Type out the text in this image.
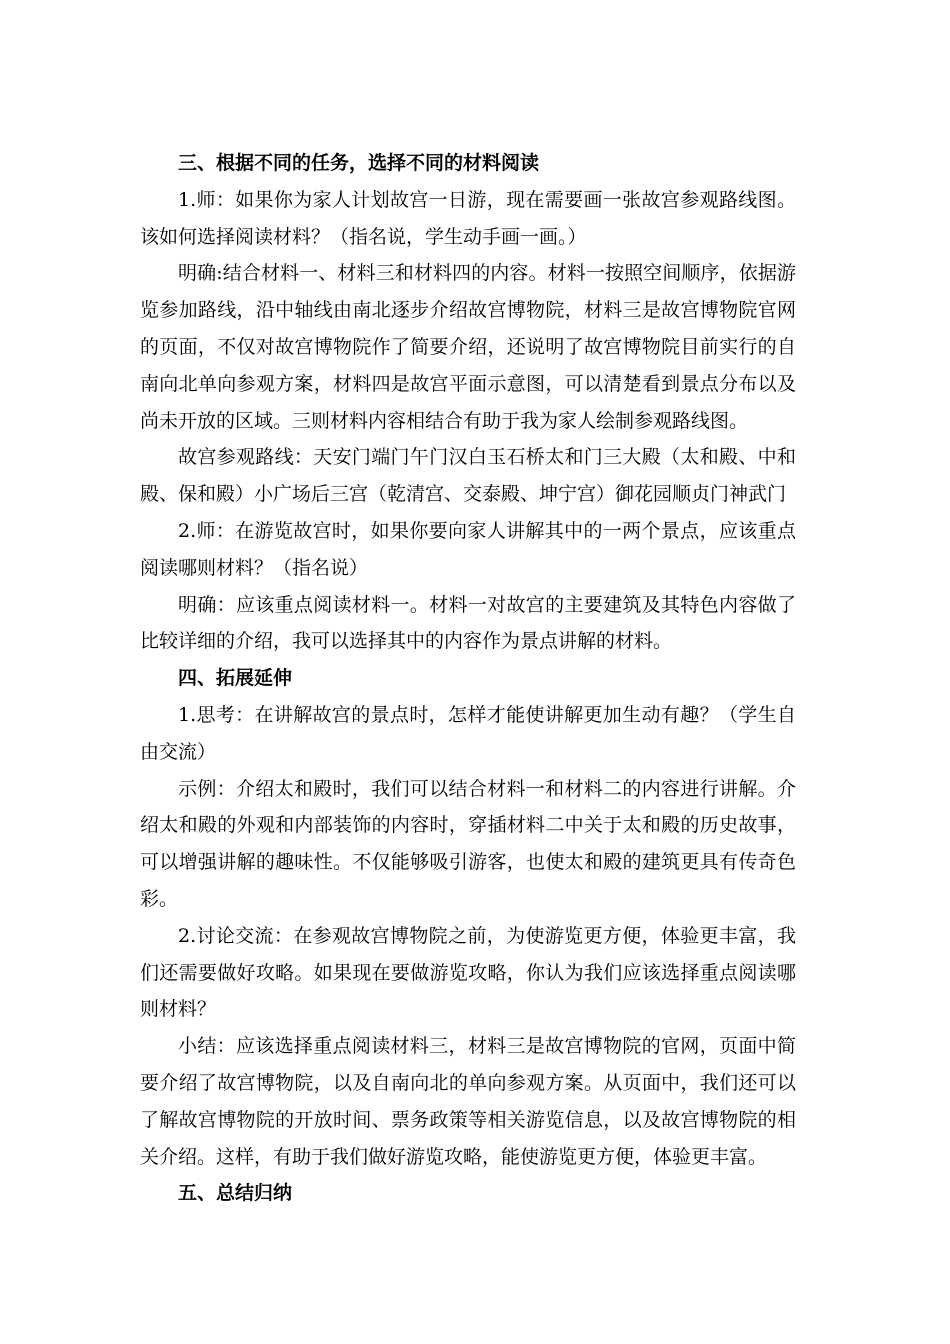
三、根据不同的任务，选择不同的材料阅读
1.师：如果你为家人计划故宫一日游，现在需要画一张故宫参观路线图。
该如何选择阅读材料？（指名说，学生动手画一画。）
明确:结合材料一、材料三和材料四的内容。材料一按照空间顺序，依据游
览参加路线，沿中轴线由南北逐步介绍故宫博物院，材料三是故宫博物院官网
的页面，不仅对故宫博物院作了简要介绍，还说明了故宫博物院目前实行的自
南向北单向参观方案，材料四是故宫平面示意图，可以清楚看到景点分布以及
尚未开放的区域。三则材料内容相结合有助于我为家人绘制参观路线图。
故宫参观路线：天安门端门午门汉白玉石桥太和门三大殿（太和殿、中和
殿、保和殿）小广场后三宫（乾清宫、交泰殿、坤宁宫）御花园顺贞门神武门
2.师：在游览故宫时，如果你要向家人讲解其中的一两个景点，应该重点
阅读哪则材料？（指名说）
明确：应该重点阅读材料一。材料一对故宫的主要建筑及其特色内容做了
比较详细的介绍，我可以选择其中的内容作为景点讲解的材料。
四、拓展延伸
1.思考：在讲解故宫的景点时，怎样才能使讲解更加生动有趣？（学生自
由交流）
示例：介绍太和殿时，我们可以结合材料一和材料二的内容进行讲解。介
绍太和殿的外观和内部装饰的内容时，穿插材料二中关于太和殿的历史故事，
可以增强讲解的趣味性。不仅能够吸引游客，也使太和殿的建筑更具有传奇色
彩。
2.讨论交流：在参观故宫博物院之前，为使游览更方便，体验更丰富，我
们还需要做好攻略。如果现在要做游览攻略，你认为我们应该选择重点阅读哪
则材料？
小结：应该选择重点阅读材料三，材料三是故宫博物院的官网，页面中简
要介绍了故宫博物院，以及自南向北的单向参观方案。从页面中，我们还可以
了解故宫博物院的开放时间、票务政策等相关游览信息，以及故宫博物院的相
关介绍。这样，有助于我们做好游览攻略，能使游览更方便，体验更丰富。
五、总结归纳
